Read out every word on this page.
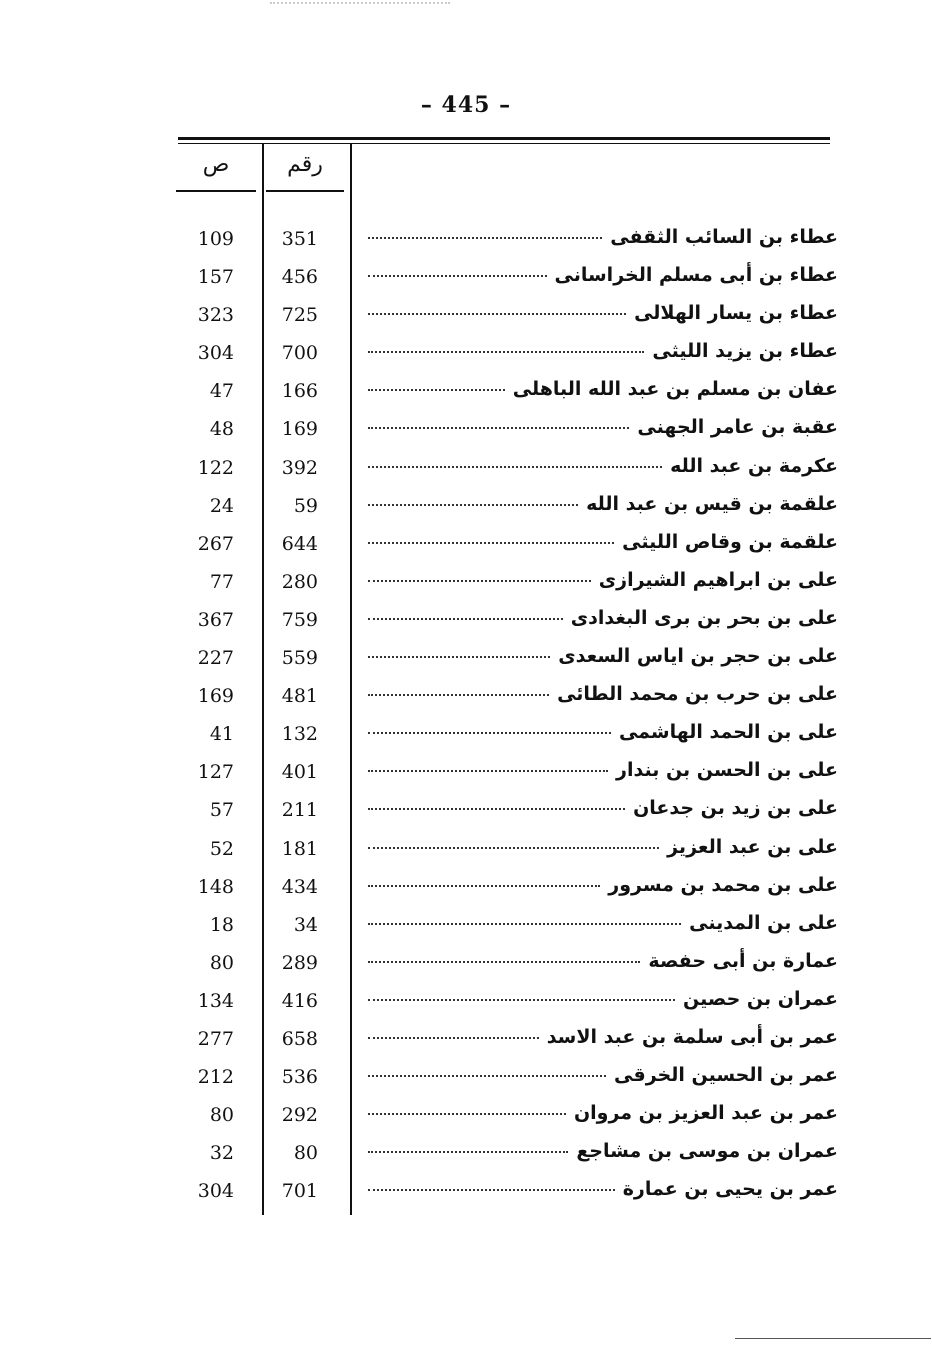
– 445 –
ص	رقم
109	351	عطاء بن السائب الثقفى
157	456	عطاء بن أبى مسلم الخراسانى
323	725	عطاء بن يسار الهلالى
304	700	عطاء بن يزيد الليثى
47	166	عفان بن مسلم بن عبد الله الباهلى
48	169	عقبة بن عامر الجهنى
122	392	عكرمة بن عبد الله
24	59	علقمة بن قيس بن عبد الله
267	644	علقمة بن وقاص الليثى
77	280	على بن ابراهيم الشيرازى
367	759	على بن بحر بن برى البغدادى
227	559	على بن حجر بن اياس السعدى
169	481	على بن حرب بن محمد الطائى
41	132	على بن الحمد الهاشمى
127	401	على بن الحسن بن بندار
57	211	على بن زيد بن جدعان
52	181	على بن عبد العزيز
148	434	على بن محمد بن مسرور
18	34	على بن المدينى
80	289	عمارة بن أبى حفصة
134	416	عمران بن حصين
277	658	عمر بن أبى سلمة بن عبد الاسد
212	536	عمر بن الحسين الخرقى
80	292	عمر بن عبد العزيز بن مروان
32	80	عمران بن موسى بن مشاجع
304	701	عمر بن يحيى بن عمارة
